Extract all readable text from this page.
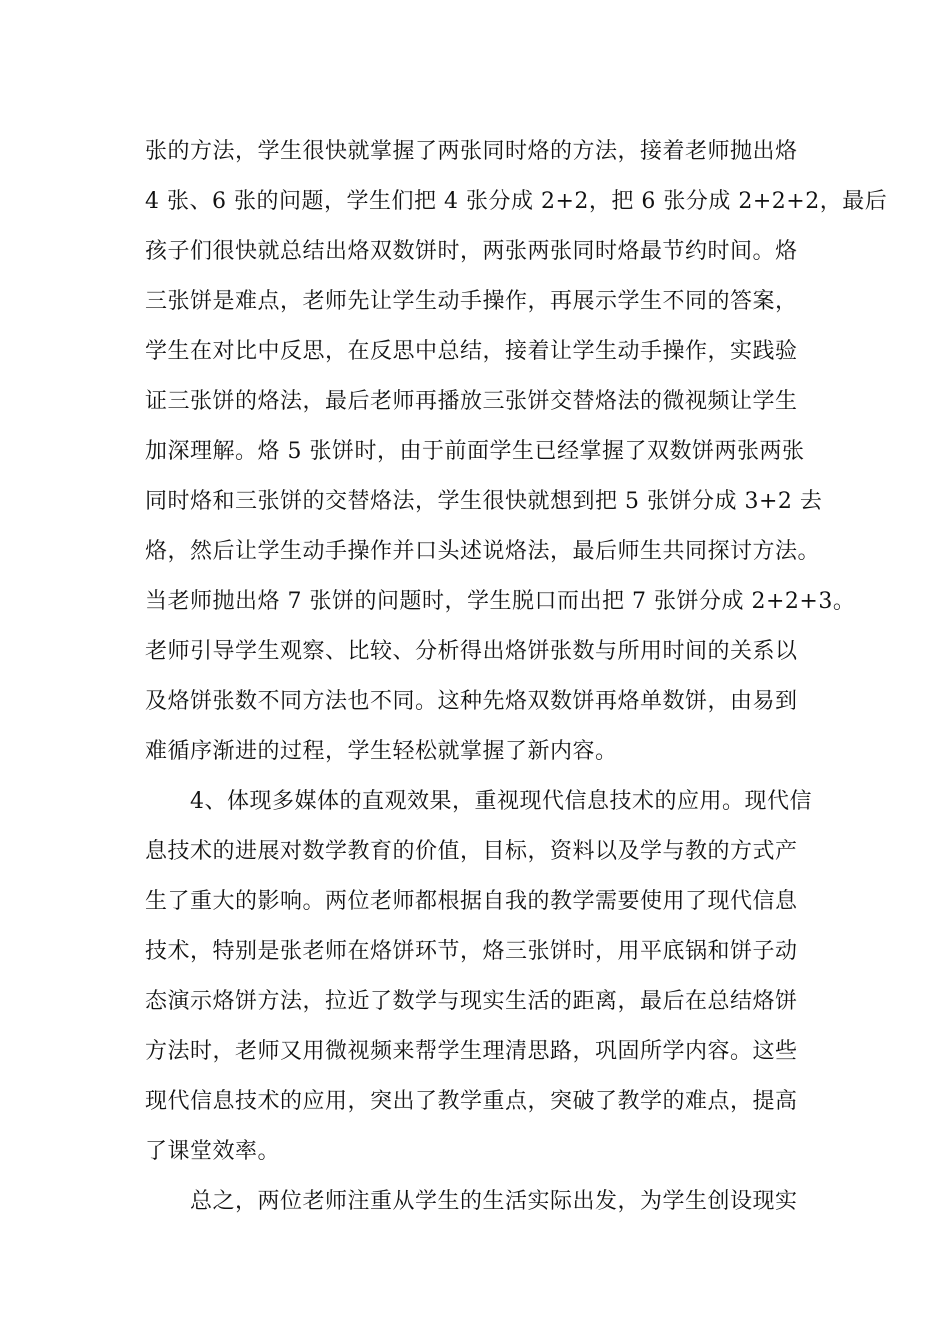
张的方法，学生很快就掌握了两张同时烙的方法，接着老师抛出烙
4 张、6 张的问题，学生们把 4 张分成 2+2，把 6 张分成 2+2+2，最后
孩子们很快就总结出烙双数饼时，两张两张同时烙最节约时间。烙
三张饼是难点，老师先让学生动手操作，再展示学生不同的答案，
学生在对比中反思，在反思中总结，接着让学生动手操作，实践验
证三张饼的烙法，最后老师再播放三张饼交替烙法的微视频让学生
加深理解。烙 5 张饼时，由于前面学生已经掌握了双数饼两张两张
同时烙和三张饼的交替烙法，学生很快就想到把 5 张饼分成 3+2 去
烙，然后让学生动手操作并口头述说烙法，最后师生共同探讨方法。
当老师抛出烙 7 张饼的问题时，学生脱口而出把 7 张饼分成 2+2+3。
老师引导学生观察、比较、分析得出烙饼张数与所用时间的关系以
及烙饼张数不同方法也不同。这种先烙双数饼再烙单数饼，由易到
难循序渐进的过程，学生轻松就掌握了新内容。
4、体现多媒体的直观效果，重视现代信息技术的应用。现代信
息技术的进展对数学教育的价值，目标，资料以及学与教的方式产
生了重大的影响。两位老师都根据自我的教学需要使用了现代信息
技术，特别是张老师在烙饼环节，烙三张饼时，用平底锅和饼子动
态演示烙饼方法，拉近了数学与现实生活的距离，最后在总结烙饼
方法时，老师又用微视频来帮学生理清思路，巩固所学内容。这些
现代信息技术的应用，突出了教学重点，突破了教学的难点，提高
了课堂效率。
总之，两位老师注重从学生的生活实际出发，为学生创设现实
